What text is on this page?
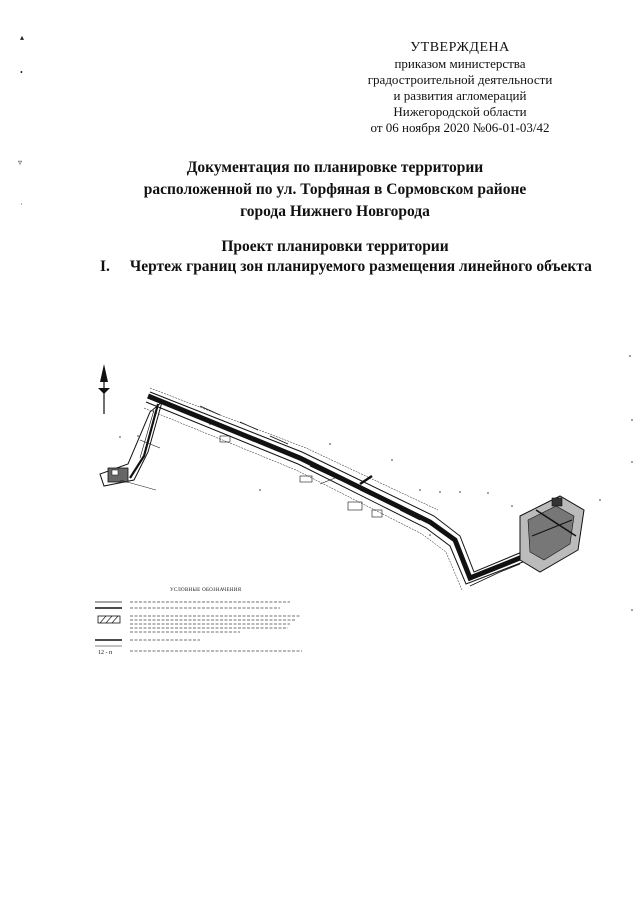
▴
•
▿
·
УТВЕРЖДЕНА
приказом министерства
градостроительной деятельности
и развития агломераций
Нижегородской области
от 06 ноября 2020 №06-01-03/42
Документация по планировке территории
расположенной по ул. Торфяная в Сормовском районе
города Нижнего Новгорода
Проект планировки территории
I. Чертеж границ зон планируемого размещения линейного объекта
УСЛОВНЫЕ ОБОЗНАЧЕНИЯ
12 - п
